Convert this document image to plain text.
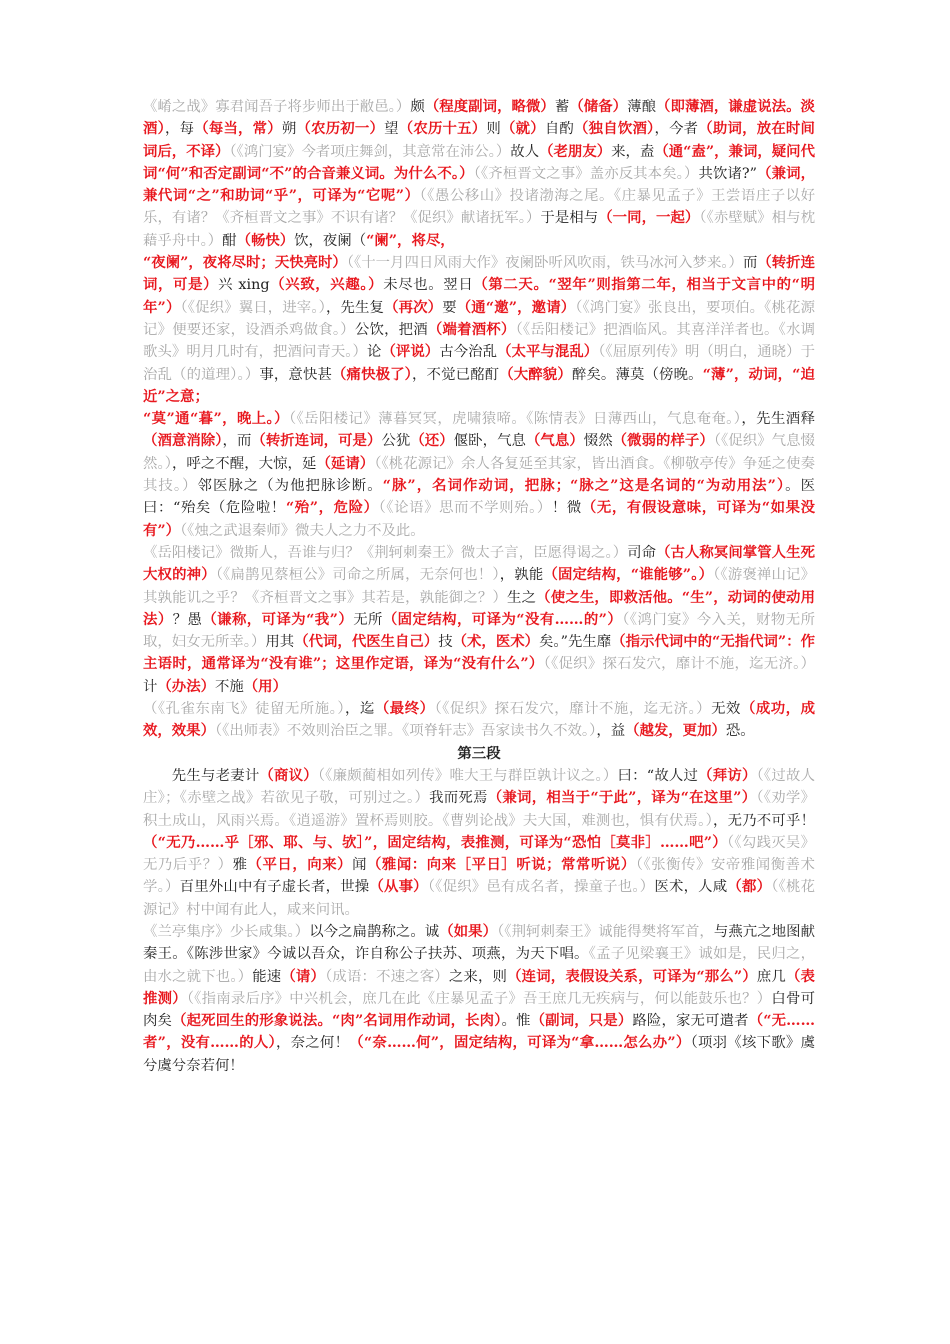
《崤之战》寡君闻吾子将步师出于敝邑。）颇（程度副词，略微）蓄（储备）薄酿（即薄酒，谦虚说法。淡酒），每（每当，常）朔（农历初一）望（农历十五）则（就）自酌（独自饮酒），今者（助词，放在时间词后，不译）（《鸿门宴》今者项庄舞剑，其意常在沛公。）故人（老朋友）来，盍（通“盍”，兼词，疑问代词“何”和否定副词“不”的合音兼义词。为什么不。）（《齐桓晋文之事》盖亦反其本矣。）共饮诸?”（兼词，兼代词“之”和助词“乎”，可译为“它呢”）（《愚公移山》投诸渤海之尾。《庄暴见孟子》王尝语庄子以好乐，有诸？《齐桓晋文之事》不识有诸？《促织》献诸抚军。）于是相与（一同，一起）（《赤壁赋》相与枕藉乎舟中。）酣（畅快）饮，夜阑（“阑”，将尽，
“夜阑”，夜将尽时；天快亮时）（《十一月四日风雨大作》夜阑卧听风吹雨，铁马冰河入梦来。）而（转折连词，可是）兴 xing（兴致，兴趣。）未尽也。翌日（第二天。“翌年”则指第二年，相当于文言中的“明年”）（《促织》翼日，进宰。），先生复（再次）要（通“邀”，邀请）（《鸿门宴》张良出，要项伯。《桃花源记》便要还家，设酒杀鸡做食。）公饮，把酒（端着酒杯）（《岳阳楼记》把酒临风。其喜洋洋者也。《水调歌头》明月几时有，把酒问青天。）论（评说）古今治乱（太平与混乱）（《屈原列传》明（明白，通晓）于治乱（的道理）。）事，意快甚（痛快极了），不觉已酩酊（大醉貌）醉矣。薄莫（傍晚。“薄”，动词，“迫近”之意；
“莫”通“暮”，晚上。）（《岳阳楼记》薄暮冥冥，虎啸猿啼。《陈情表》日薄西山，气息奄奄。），先生酒释（酒意消除），而（转折连词，可是）公犹（还）偃卧，气息（气息）惙然（微弱的样子）（《促织》气息惙然。），呼之不醒，大惊，延（延请）（《桃花源记》余人各复延至其家，皆出酒食。《柳敬亭传》争延之使奏其技。）邻医脉之（为他把脉诊断。“脉”，名词作动词，把脉；“脉之”这是名词的“为动用法”）。医曰：“殆矣（危险啦！“殆”，危险）（《论语》思而不学则殆。）！微（无，有假设意味，可译为“如果没有”）（《烛之武退秦师》微夫人之力不及此。
《岳阳楼记》微斯人，吾谁与归？《荆轲刺秦王》微太子言，臣愿得谒之。）司命（古人称冥间掌管人生死大权的神）（《扁鹊见蔡桓公》司命之所属，无奈何也！），孰能（固定结构，“谁能够”。）（《游褒禅山记》其孰能讥之乎？《齐桓晋文之事》其若是，孰能御之？）生之（使之生，即救活他。“生”，动词的使动用法）？愚（谦称，可译为“我”）无所（固定结构，可译为“没有……的”）（《鸿门宴》今入关，财物无所取，妇女无所幸。）用其（代词，代医生自己）技（术，医术）矣。”先生靡（指示代词中的“无指代词”：作主语时，通常译为“没有谁”；这里作定语，译为“没有什么”）（《促织》探石发穴，靡计不施，迄无济。）计（办法）不施（用）
（《孔雀东南飞》徒留无所施。），迄（最终）（《促织》探石发穴，靡计不施，迄无济。）无效（成功，成效，效果）（《出师表》不效则治臣之罪。《项脊轩志》吾家读书久不效。），益（越发，更加）恐。

第三段

先生与老妻计（商议）（《廉颇蔺相如列传》唯大王与群臣孰计议之。）曰：“故人过（拜访）（《过故人庄》；《赤壁之战》若欲见子敬，可别过之。）我而死焉（兼词，相当于“于此”，译为“在这里”）（《劝学》积土成山，风雨兴焉。《逍遥游》置杯焉则胶。《曹刿论战》夫大国，难测也，惧有伏焉。），无乃不可乎！（“无乃……乎［邪、耶、与、欤］”，固定结构，表推测，可译为“恐怕［莫非］……吧”）（《勾践灭吴》无乃后乎？）雅（平日，向来）闻（雅闻：向来［平日］听说；常常听说）（《张衡传》安帝雅闻衡善术学。）百里外山中有子虚长者，世操（从事）（《促织》邑有成名者，操童子也。）医术，人咸（都）（《桃花源记》村中闻有此人，咸来问讯。
《兰亭集序》少长咸集。）以今之扁鹊称之。诚（如果）（《荆轲刺秦王》诚能得樊将军首，与燕亢之地图献秦王。《陈涉世家》今诚以吾众，诈自称公子扶苏、项燕，为天下唱。《孟子见梁襄王》诚如是，民归之，由水之就下也。）能速（请）（成语：不速之客）之来，则（连词，表假设关系，可译为“那么”）庶几（表推测）（《指南录后序》中兴机会，庶几在此《庄暴见孟子》吾王庶几无疾病与，何以能鼓乐也？）白骨可肉矣（起死回生的形象说法。“肉”名词用作动词，长肉）。惟（副词，只是）路险，家无可遣者（“无……者”，没有……的人），奈之何！（“奈……何”，固定结构，可译为“拿……怎么办”）（项羽《垓下歌》虞兮虞兮奈若何！
